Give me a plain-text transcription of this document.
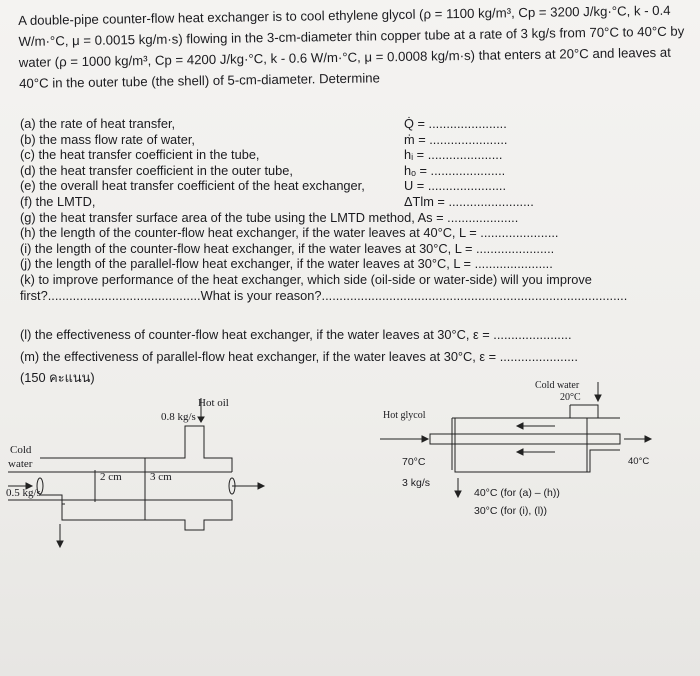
A double-pipe counter-flow heat exchanger is to cool ethylene glycol (ρ = 1100 kg/m³, Cp = 3200 J/kg·°C, k - 0.4
W/m·°C, μ = 0.0015 kg/m·s) flowing in the 3-cm-diameter thin copper tube at a rate of 3 kg/s from 70°C to 40°C by
water (ρ = 1000 kg/m³, Cp = 4200 J/kg·°C, k - 0.6 W/m·°C, μ = 0.0008 kg/m·s) that enters at 20°C and leaves at
40°C in the outer tube (the shell) of 5-cm-diameter. Determine
(a) the rate of heat transfer,	Q̇ = ......................
(b) the mass flow rate of water,	ṁ = ......................
(c) the heat transfer coefficient in the tube,	hᵢ = .....................
(d) the heat transfer coefficient in the outer tube,	hₒ = .....................
(e) the overall heat transfer coefficient of the heat exchanger,	U = ......................
(f) the LMTD,	ΔTlm = ........................
(g) the heat transfer surface area of the tube using the LMTD method, As = ....................
(h) the length of the counter-flow heat exchanger, if the water leaves at 40°C, L = ......................
(i) the length of the counter-flow heat exchanger, if the water leaves at 30°C, L = ......................
(j) the length of the parallel-flow heat exchanger, if the water leaves at 30°C, L = ......................
(k) to improve performance of the heat exchanger, which side (oil-side or water-side) will you improve
first?...........................................What is your reason?......................................................................................
(l) the effectiveness of counter-flow heat exchanger, if the water leaves at 30°C, ε = ......................
(m) the effectiveness of parallel-flow heat exchanger, if the water leaves at 30°C, ε = ......................
(150 คะแนน)
Hot oil
0.8 kg/s
Cold
water
0.5 kg/s
2 cm	3 cm
Cold water
20°C
Hot glycol
70°C
3 kg/s
40°C
40°C (for (a) – (h))
30°C (for (i), (l))
